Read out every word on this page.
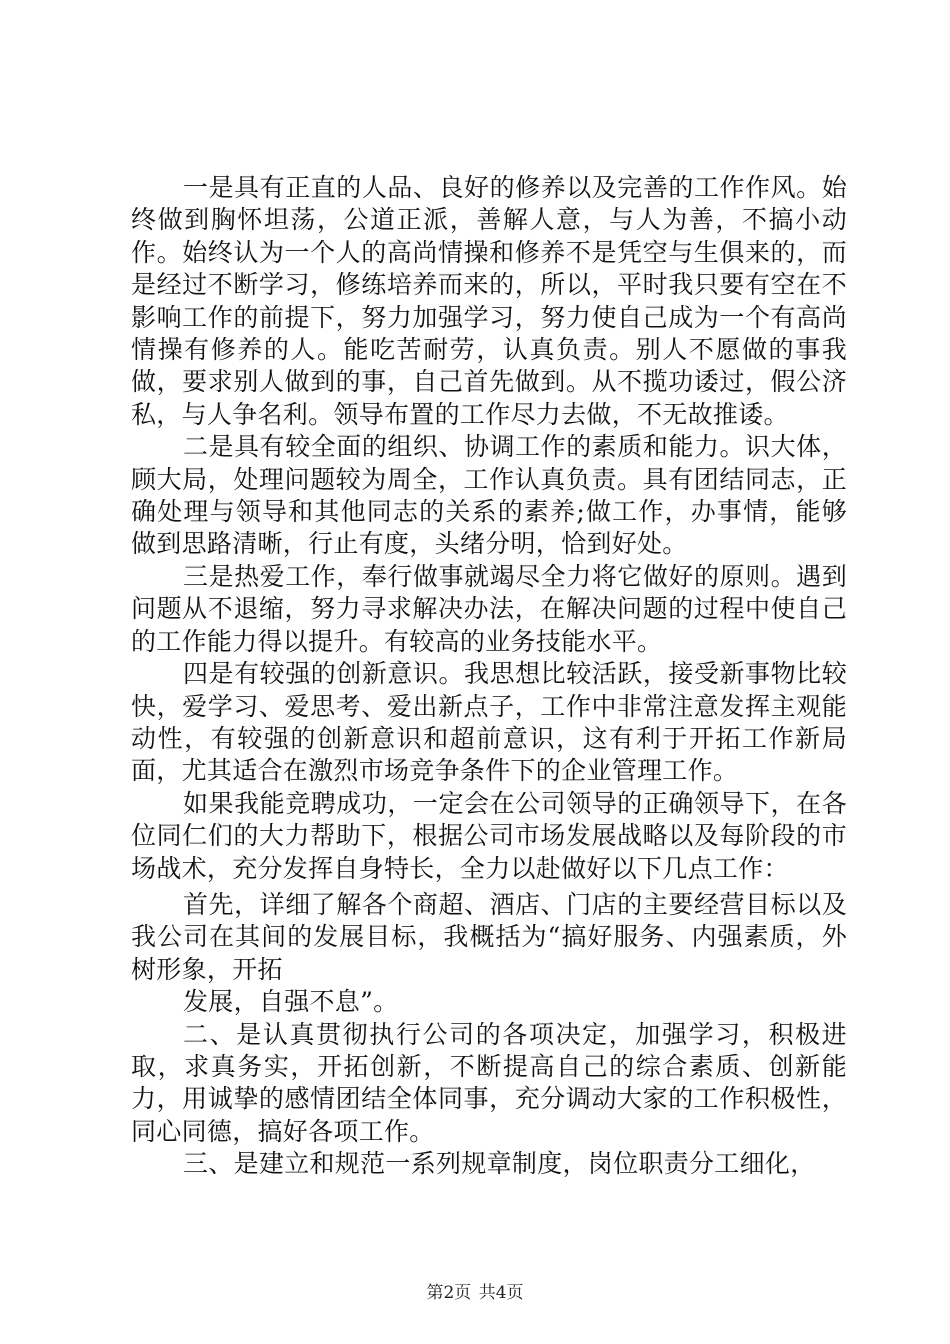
一是具有正直的人品、良好的修养以及完善的工作作风。始终做到胸怀坦荡，公道正派，善解人意，与人为善，不搞小动作。始终认为一个人的高尚情操和修养不是凭空与生俱来的，而是经过不断学习，修练培养而来的，所以，平时我只要有空在不影响工作的前提下，努力加强学习，努力使自己成为一个有高尚情操有修养的人。能吃苦耐劳，认真负责。别人不愿做的事我做，要求别人做到的事，自己首先做到。从不揽功诿过，假公济私，与人争名利。领导布置的工作尽力去做，不无故推诿。

二是具有较全面的组织、协调工作的素质和能力。识大体，顾大局，处理问题较为周全，工作认真负责。具有团结同志，正确处理与领导和其他同志的关系的素养;做工作，办事情，能够做到思路清晰，行止有度，头绪分明，恰到好处。

三是热爱工作，奉行做事就竭尽全力将它做好的原则。遇到问题从不退缩，努力寻求解决办法，在解决问题的过程中使自己的工作能力得以提升。有较高的业务技能水平。

四是有较强的创新意识。我思想比较活跃，接受新事物比较快，爱学习、爱思考、爱出新点子，工作中非常注意发挥主观能动性，有较强的创新意识和超前意识，这有利于开拓工作新局面，尤其适合在激烈市场竞争条件下的企业管理工作。

如果我能竞聘成功，一定会在公司领导的正确领导下，在各位同仁们的大力帮助下，根据公司市场发展战略以及每阶段的市场战术，充分发挥自身特长，全力以赴做好以下几点工作：

首先，详细了解各个商超、酒店、门店的主要经营目标以及我公司在其间的发展目标，我概括为“搞好服务、内强素质，外树形象，开拓

发展，自强不息”。

二、是认真贯彻执行公司的各项决定，加强学习，积极进取，求真务实，开拓创新，不断提高自己的综合素质、创新能力，用诚挚的感情团结全体同事，充分调动大家的工作积极性，同心同德，搞好各项工作。

三、是建立和规范一系列规章制度，岗位职责分工细化，

第2页 共4页
